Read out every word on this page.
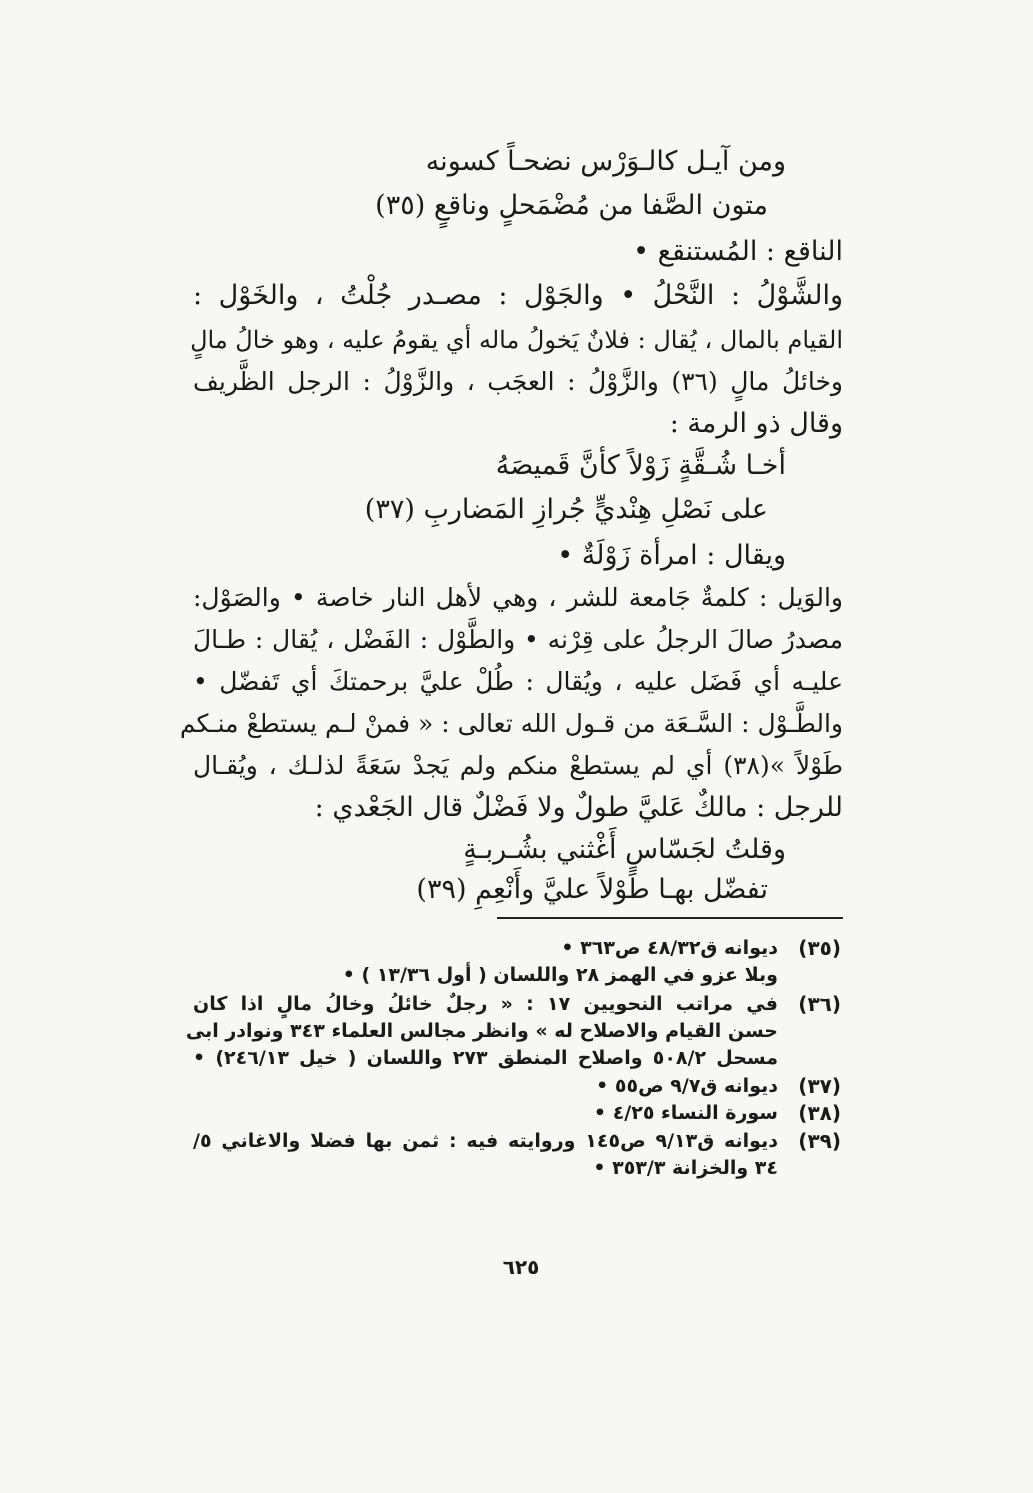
ومن آيـل كالـوَرْس نضحـاً كسونه
متون الصَّفا من مُضْمَحلٍ وناقعٍ (٣٥)
الناقع : المُستنقع •
والشَّوْلُ : النَّحْلُ • والجَوْل : مصـدر جُلْتُ ، والخَوْل :
القيام بالمال ، يُقال : فلانٌ يَخولُ ماله أي يقومُ عليه ، وهو خالُ مالٍ
وخائلُ مالٍ (٣٦) والزَّوْلُ : العجَب ، والزَّوْلُ : الرجل الظَّريف
وقال ذو الرمة :
أخـا شُـقَّةٍ زَوْلاً كأنَّ قَميصَهُ
على نَصْلِ هِنْديٍّ جُرازِ المَضاربِ (٣٧)
ويقال : امرأة زَوْلَةٌ •
والوَيل : كلمةٌ جَامعة للشر ، وهي لأهل النار خاصة • والصَوْل:
مصدرُ صالَ الرجلُ على قِرْنه • والطَّوْل : الفَضْل ، يُقال : طـالَ
عليـه أي فَضَل عليه ، ويُقال : طُلْ عليَّ برحمتكَ أي تَفضّل •
والطَّـوْل : السَّـعَة من قـول الله تعالى : « فمنْ لـم يستطعْ منـكم
طَوْلاً »(٣٨) أي لم يستطعْ منكم ولم يَجدْ سَعَةً لذلـك ، ويُقـال
للرجل : مالكٌ عَليَّ طولٌ ولا فَضْلٌ قال الجَعْدي :
وقلتُ لجَسّاسٍ أَغْثني بشُـربـةٍ
تفضّل بهـا طَوْلاً عليَّ وأَنْعِمِ (٣٩)
(٣٥)
ديوانه ق٤٨/٣٢ ص٣٦٣ •
وبلا عزو في الهمز ٢٨ واللسان ( أول ١٣/٣٦ ) •
(٣٦)
في مراتب النحويين ١٧ : « رجلٌ خائلُ وخالُ مالٍ اذا كان
حسن القيام والاصلاح له » وانظر مجالس العلماء ٣٤٣ ونوادر ابى
مسحل ٥٠٨/٢ واصلاح المنطق ٢٧٣ واللسان ( خيل ٢٤٦/١٣) •
(٣٧)
ديوانه ق٩/٧ ص٥٥ •
(٣٨)
سورة النساء ٤/٢٥ •
(٣٩)
ديوانه ق٩/١٣ ص١٤٥ وروايته فيه : ثمن بها فضلا والاغاني ٥/
٣٤ والخزانة ٣٥٣/٣ •
٦٢٥
